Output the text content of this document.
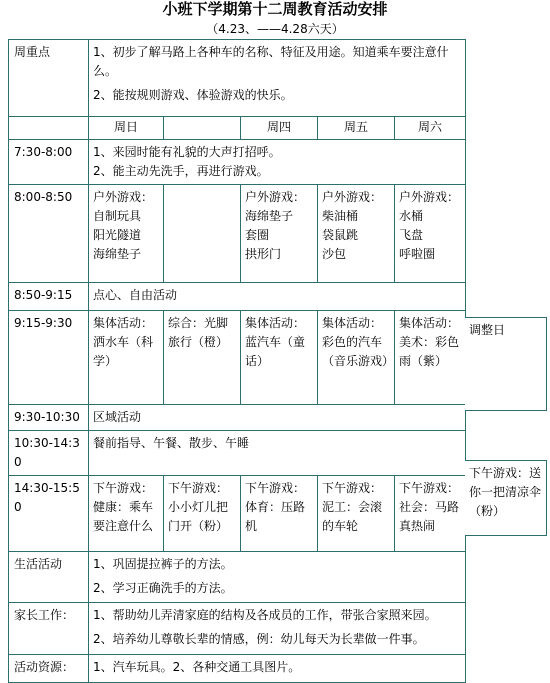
小班下学期第十二周教育活动安排
（4.23、——4.28六天）
周重点	1、初步了解马路上各种车的名称、特征及用途。知道乘车要注意什么。
2、能按规则游戏、体验游戏的快乐。				

	周日		周四	周五	周六
7:30-8:00	1、来园时能有礼貌的大声打招呼。
2、能主动先洗手，再进行游戏。				

8:00-8:50	户外游戏：
自制玩具
阳光隧道
海绵垫子		户外游戏：
海绵垫子
套圈
拱形门	户外游戏：
柴油桶
袋鼠跳
沙包	户外游戏：
水桶
飞盘
呼啦圈

8:50-9:15	点心、自由活动				
9:15-9:30	集体活动：洒水车（科学）	综合：光脚旅行（橙）	集体活动：蓝汽车（童话）	集体活动：彩色的汽车（音乐游戏）	集体活动：美术：彩色雨（紫）
9:30-10:30	区域活动				
10:30-14:30	餐前指导、午餐、散步、午睡				
14:30-15:50	下午游戏：健康：乘车要注意什么	下午游戏：小小灯儿把门开（粉）	下午游戏：体育：压路机	下午游戏：泥工：会滚的车轮	下午游戏：社会：马路真热闹
生活活动	1、巩固提拉裤子的方法。
2、学习正确洗手的方法。				

家长工作：	1、帮助幼儿弄清家庭的结构及各成员的工作，带张合家照来园。
2、培养幼儿尊敬长辈的情感，例：幼儿每天为长辈做一件事。				

活动资源：	1、汽车玩具。2、各种交通工具图片。				
调整日
下午游戏：送你一把清凉伞（粉）
